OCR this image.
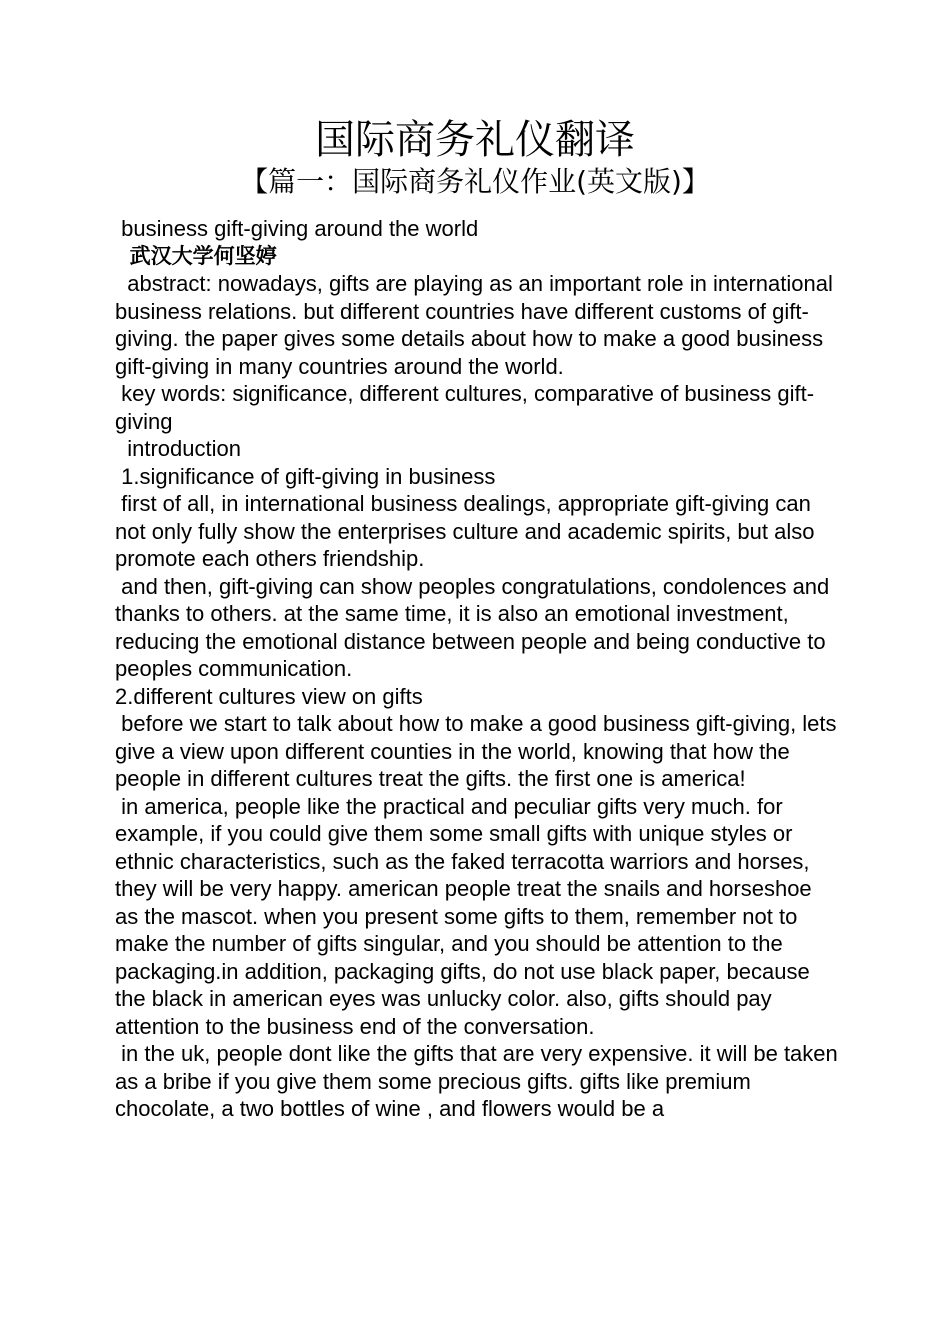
国际商务礼仪翻译
【篇一：国际商务礼仪作业(英文版)】

business gift-giving around the world

武汉大学何坚婷

abstract: nowadays, gifts are playing as an important role in international business relations. but different countries have different customs of gift-giving. the paper gives some details about how to make a good business gift-giving in many countries around the world.

key words: significance, different cultures, comparative of business gift-giving

introduction

1.significance of gift-giving in business

first of all, in international business dealings, appropriate gift-giving can not only fully show the enterprises culture and academic spirits, but also  promote each others friendship.

and then, gift-giving can show peoples congratulations, condolences and thanks to others. at the same time, it is also an emotional investment, reducing the emotional distance between people and being conductive to peoples communication.

2.different cultures view on gifts

before we start to talk about how to make a good business gift-giving, lets give a view upon different counties in the world, knowing that how the people in different cultures treat the gifts. the first one is america!

in america, people like the practical and peculiar gifts very much. for example, if you could give them some small gifts with unique styles or ethnic characteristics, such as the faked terracotta warriors and horses, they will be very happy. american people treat the snails and horseshoe as the mascot. when you present some gifts to them, remember not to make the number of gifts singular, and you should be attention to the packaging.in addition, packaging gifts, do not use black paper, because the black in american eyes was unlucky color. also, gifts should pay attention to the business end of the conversation.

in the uk, people dont like the gifts that are very expensive. it will be taken as a bribe if you give them some precious gifts. gifts like premium chocolate, a two bottles of wine , and flowers would be a
